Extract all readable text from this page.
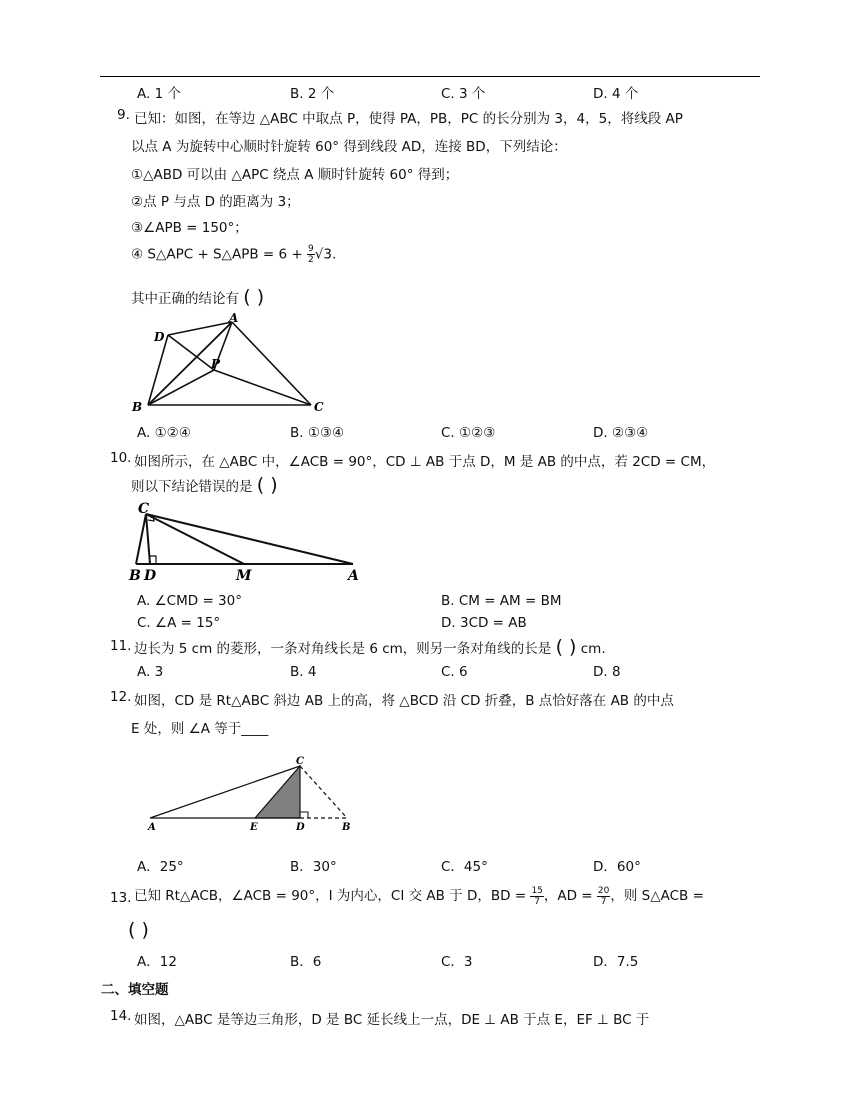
A. 1 个	B. 2 个	C. 3 个	D. 4 个
9. 已知：如图，在等边 △ABC 中取点 P，使得 PA，PB，PC 的长分别为 3，4，5，将线段 AP
以点 A 为旋转中心顺时针旋转 60° 得到线段 AD，连接 BD，下列结论：
①△ABD 可以由 △APC 绕点 A 顺时针旋转 60° 得到；
②点 P 与点 D 的距离为 3；
③∠APB = 150°；
④ S△APC + S△APB = $6 + \frac{9}{2} √3$.
其中正确的结论有 ( )
D
A
P
B	C
A. ①②④	B. ①③④	C. ①②③	D. ②③④
10. 如图所示，在 △ABC 中，∠ACB = 90°，CD ⊥ AB 于点 D，M 是 AB 的中点，若 2CD = CM，
则以下结论错误的是 ( )
C
B D	M	A
A. ∠CMD = 30°	B. CM = AM = BM
C. ∠A = 15°	D. 3CD = AB
11. 边长为 5 cm 的菱形，一条对角线长是 6 cm，则另一条对角线的长是 ( ) cm.
A. 3	B. 4	C. 6	D. 8
12. 如图，CD 是 Rt△ABC 斜边 AB 上的高，将 △BCD 沿 CD 折叠，B 点恰好落在 AB 的中点
E 处，则 ∠A 等于____
C
A	E	D	B
A．25°	B．30°	C．45°	D．60°
13. 已知 Rt△ACB，∠ACB = 90°，I 为内心，CI 交 AB 于 D，BD = $\frac{15}{7}$ ，AD = $\frac{20}{7}$ ，则 S△ACB =
( )
A．12	B．6	C．3	D．7.5
二、填空题
14. 如图，△ABC 是等边三角形，D 是 BC 延长线上一点，DE ⊥ AB 于点 E，EF ⊥ BC 于
